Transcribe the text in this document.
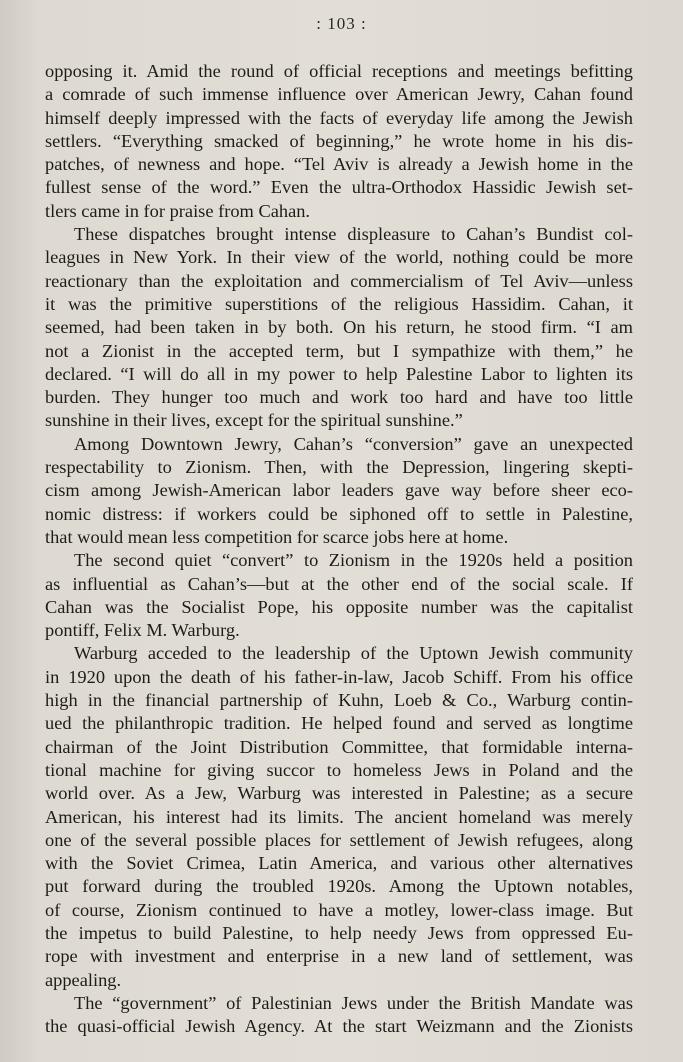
: 103 :
opposing it. Amid the round of official receptions and meetings befitting
a comrade of such immense influence over American Jewry, Cahan found
himself deeply impressed with the facts of everyday life among the Jewish
settlers. “Everything smacked of beginning,” he wrote home in his dis-
patches, of newness and hope. “Tel Aviv is already a Jewish home in the
fullest sense of the word.” Even the ultra-Orthodox Hassidic Jewish set-
tlers came in for praise from Cahan.
These dispatches brought intense displeasure to Cahan’s Bundist col-
leagues in New York. In their view of the world, nothing could be more
reactionary than the exploitation and commercialism of Tel Aviv—unless
it was the primitive superstitions of the religious Hassidim. Cahan, it
seemed, had been taken in by both. On his return, he stood firm. “I am
not a Zionist in the accepted term, but I sympathize with them,” he
declared. “I will do all in my power to help Palestine Labor to lighten its
burden. They hunger too much and work too hard and have too little
sunshine in their lives, except for the spiritual sunshine.”
Among Downtown Jewry, Cahan’s “conversion” gave an unexpected
respectability to Zionism. Then, with the Depression, lingering skepti-
cism among Jewish-American labor leaders gave way before sheer eco-
nomic distress: if workers could be siphoned off to settle in Palestine,
that would mean less competition for scarce jobs here at home.
The second quiet “convert” to Zionism in the 1920s held a position
as influential as Cahan’s—but at the other end of the social scale. If
Cahan was the Socialist Pope, his opposite number was the capitalist
pontiff, Felix M. Warburg.
Warburg acceded to the leadership of the Uptown Jewish community
in 1920 upon the death of his father-in-law, Jacob Schiff. From his office
high in the financial partnership of Kuhn, Loeb & Co., Warburg contin-
ued the philanthropic tradition. He helped found and served as longtime
chairman of the Joint Distribution Committee, that formidable interna-
tional machine for giving succor to homeless Jews in Poland and the
world over. As a Jew, Warburg was interested in Palestine; as a secure
American, his interest had its limits. The ancient homeland was merely
one of the several possible places for settlement of Jewish refugees, along
with the Soviet Crimea, Latin America, and various other alternatives
put forward during the troubled 1920s. Among the Uptown notables,
of course, Zionism continued to have a motley, lower-class image. But
the impetus to build Palestine, to help needy Jews from oppressed Eu-
rope with investment and enterprise in a new land of settlement, was
appealing.
The “government” of Palestinian Jews under the British Mandate was
the quasi-official Jewish Agency. At the start Weizmann and the Zionists
